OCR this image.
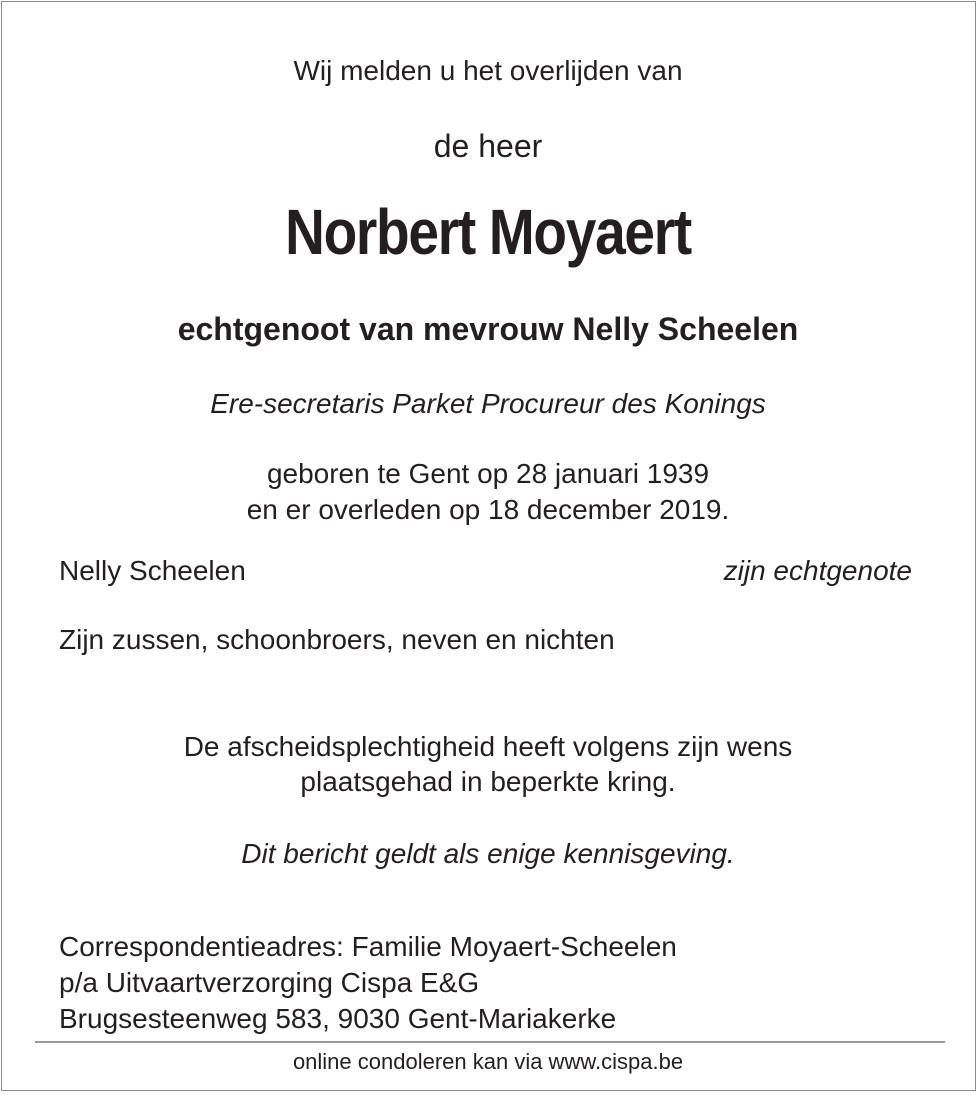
Wij melden u het overlijden van
de heer
Norbert Moyaert
echtgenoot van mevrouw Nelly Scheelen
Ere-secretaris Parket Procureur des Konings
geboren te Gent op 28 januari 1939
en er overleden op 18 december 2019.
Nelly Scheelen	zijn echtgenote
Zijn zussen, schoonbroers, neven en nichten
De afscheidsplechtigheid heeft volgens zijn wens
plaatsgehad in beperkte kring.
Dit bericht geldt als enige kennisgeving.
Correspondentieadres: Familie Moyaert-Scheelen
p/a Uitvaartverzorging Cispa E&G
Brugsesteenweg 583, 9030 Gent-Mariakerke
online condoleren kan via www.cispa.be
